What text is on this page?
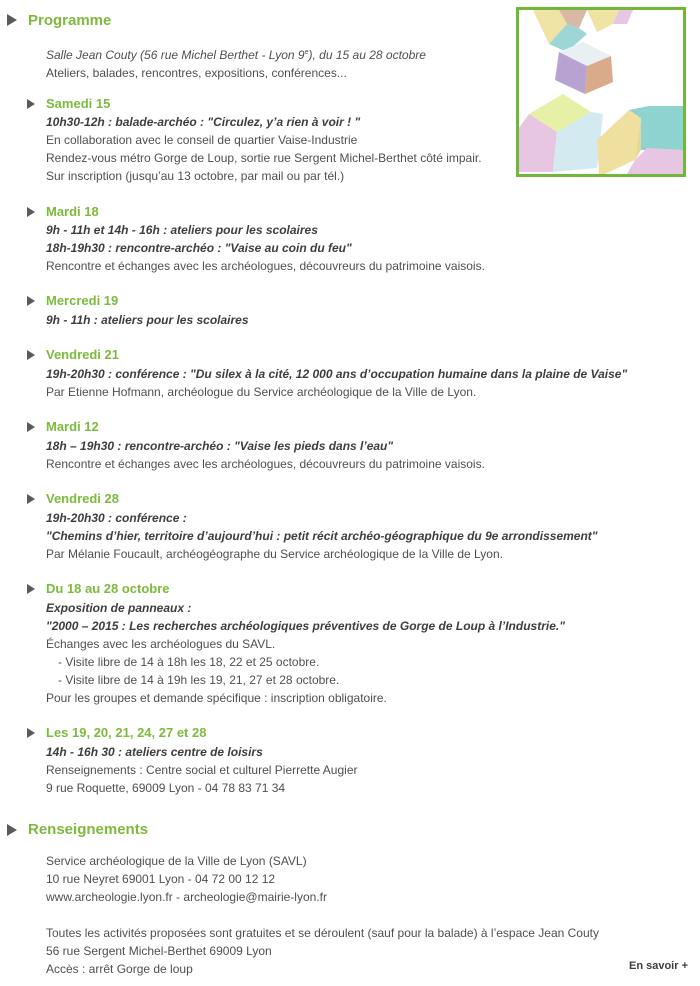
Programme
Salle Jean Couty (56 rue Michel Berthet - Lyon 9e), du 15 au 28 octobre
Ateliers, balades, rencontres, expositions, conférences...
Samedi 15
10h30-12h : balade-archéo : "Circulez, y’a rien à voir ! "
En collaboration avec le conseil de quartier Vaise-Industrie
Rendez-vous métro Gorge de Loup, sortie rue Sergent Michel-Berthet côté impair.
Sur inscription (jusqu’au 13 octobre, par mail ou par tél.)
Mardi 18
9h - 11h et 14h - 16h : ateliers pour les scolaires
18h-19h30 : rencontre-archéo : "Vaise au coin du feu"
Rencontre et échanges avec les archéologues, découvreurs du patrimoine vaisois.
Mercredi 19
9h - 11h : ateliers pour les scolaires
Vendredi 21
19h-20h30 : conférence : "Du silex à la cité, 12 000 ans d’occupation humaine dans la plaine de Vaise"
Par Etienne Hofmann, archéologue du Service archéologique de la Ville de Lyon.
Mardi 12
18h – 19h30 : rencontre-archéo : "Vaise les pieds dans l’eau"
Rencontre et échanges avec les archéologues, découvreurs du patrimoine vaisois.
Vendredi 28
19h-20h30 : conférence :
"Chemins d’hier, territoire d’aujourd’hui : petit récit archéo-géographique du 9e arrondissement"
Par Mélanie Foucault, archéogéographe du Service archéologique de la Ville de Lyon.
Du 18 au 28 octobre
Exposition de panneaux :
"2000 – 2015 : Les recherches archéologiques préventives de Gorge de Loup à l’Industrie."
Échanges avec les archéologues du SAVL.
- Visite libre de 14 à 18h les 18, 22 et 25 octobre.
- Visite libre de 14 à 19h les 19, 21, 27 et 28 octobre.
Pour les groupes et demande spécifique : inscription obligatoire.
Les 19, 20, 21, 24, 27 et 28
14h - 16h 30 : ateliers centre de loisirs
Renseignements : Centre social et culturel Pierrette Augier
9 rue Roquette, 69009 Lyon - 04 78 83 71 34
Renseignements
Service archéologique de la Ville de Lyon (SAVL)
10 rue Neyret 69001 Lyon - 04 72 00 12 12
www.archeologie.lyon.fr - archeologie@mairie-lyon.fr
Toutes les activités proposées sont gratuites et se déroulent (sauf pour la balade) à l’espace Jean Couty
56 rue Sergent Michel-Berthet 69009 Lyon
Accès : arrêt Gorge de loup	En savoir +
